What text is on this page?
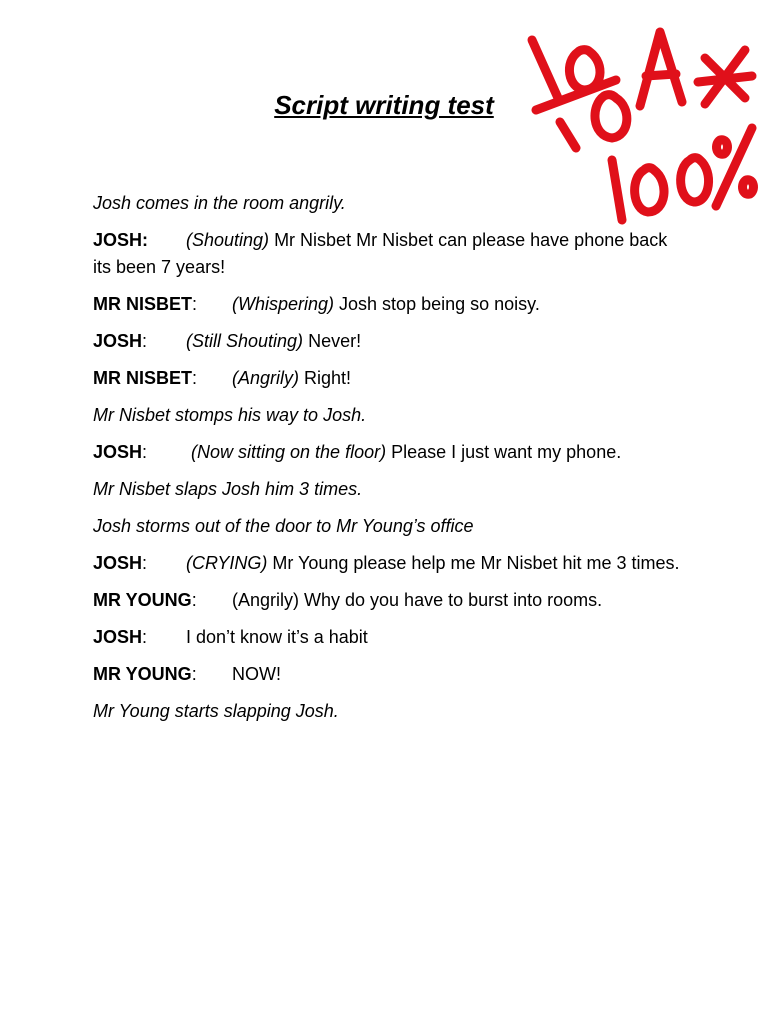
Script writing test

Josh comes in the room angrily.

JOSH: (Shouting) Mr Nisbet Mr Nisbet can please have phone back its been 7 years!

MR NISBET: (Whispering) Josh stop being so noisy.

JOSH: (Still Shouting) Never!

MR NISBET: (Angrily) Right!

Mr Nisbet stomps his way to Josh.

JOSH: (Now sitting on the floor) Please I just want my phone.

Mr Nisbet slaps Josh him 3 times.

Josh storms out of the door to Mr Young’s office

JOSH: (CRYING) Mr Young please help me Mr Nisbet hit me 3 times.

MR YOUNG: (Angrily) Why do you have to burst into rooms.

JOSH: I don’t know it’s a habit

MR YOUNG: NOW!

Mr Young starts slapping Josh.
